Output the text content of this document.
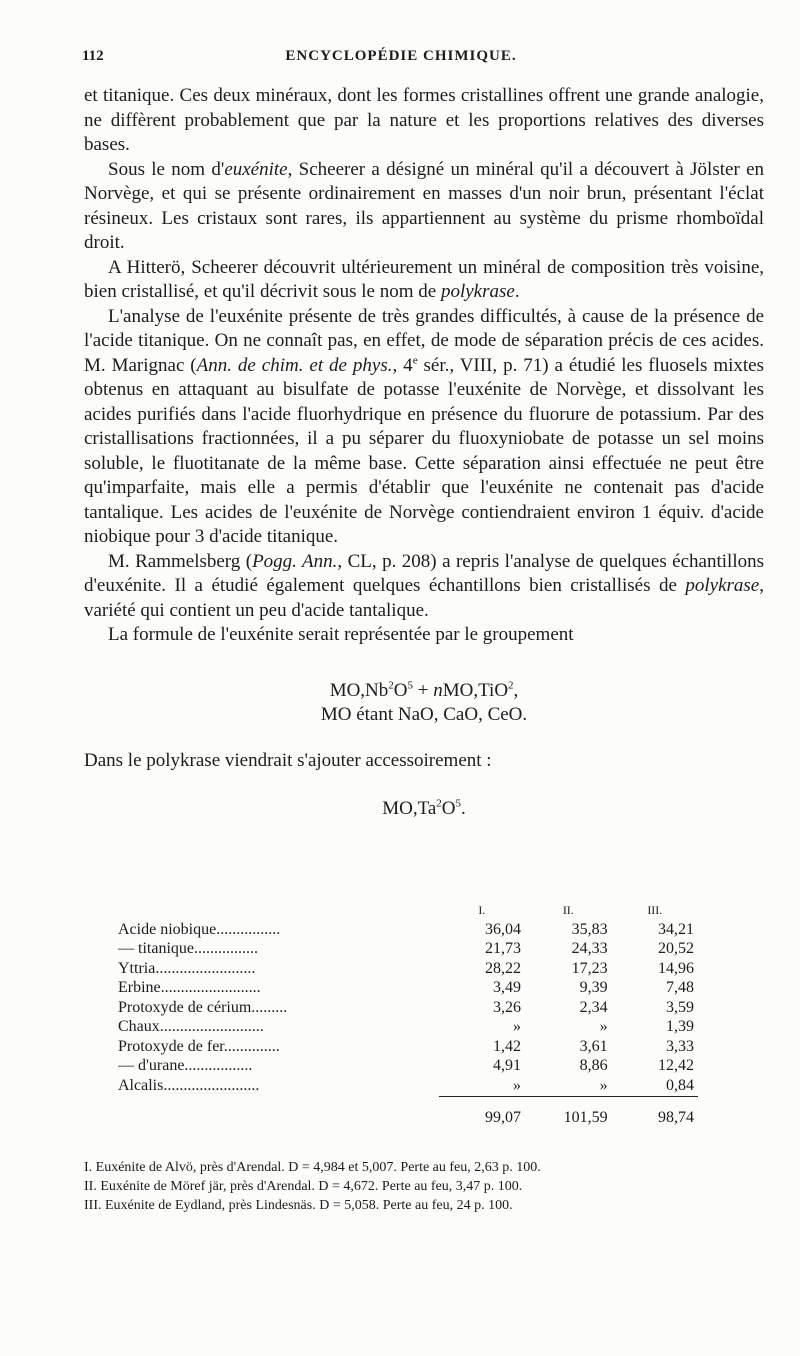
112	ENCYCLOPÉDIE CHIMIQUE.

et titanique. Ces deux minéraux, dont les formes cristallines offrent une grande analogie, ne diffèrent probablement que par la nature et les proportions relatives des diverses bases.

Sous le nom d'euxénite, Scheerer a désigné un minéral qu'il a découvert à Jölster en Norvège, et qui se présente ordinairement en masses d'un noir brun, présentant l'éclat résineux. Les cristaux sont rares, ils appartiennent au système du prisme rhomboïdal droit.

A Hitterö, Scheerer découvrit ultérieurement un minéral de composition très voisine, bien cristallisé, et qu'il décrivit sous le nom de polykrase.

L'analyse de l'euxénite présente de très grandes difficultés, à cause de la présence de l'acide titanique. On ne connaît pas, en effet, de mode de séparation précis de ces acides. M. Marignac (Ann. de chim. et de phys., 4e sér., VIII, p. 71) a étudié les fluosels mixtes obtenus en attaquant au bisulfate de potasse l'euxénite de Norvège, et dissolvant les acides purifiés dans l'acide fluorhydrique en présence du fluorure de potassium. Par des cristallisations fractionnées, il a pu séparer du fluoxyniobate de potasse un sel moins soluble, le fluotitanate de la même base. Cette séparation ainsi effectuée ne peut être qu'imparfaite, mais elle a permis d'établir que l'euxénite ne contenait pas d'acide tantalique. Les acides de l'euxénite de Norvège contiendraient environ 1 équiv. d'acide niobique pour 3 d'acide titanique.

M. Rammelsberg (Pogg. Ann., CL, p. 208) a repris l'analyse de quelques échantillons d'euxénite. Il a étudié également quelques échantillons bien cristallisés de polykrase, variété qui contient un peu d'acide tantalique.

La formule de l'euxénite serait représentée par le groupement

$MO,Nb^2O^5 + nMO,TiO^2$,
MO étant NaO, CaO, CeO.

Dans le polykrase viendrait s'ajouter accessoirement :

$MO,Ta^2O^5$.
	I.	II.	III.
Acide niobique................	36,04	35,83	34,21
— titanique................	21,73	24,33	20,52
Yttria.........................	28,22	17,23	14,96
Erbine.........................	3,49	9,39	7,48
Protoxyde de cérium.........	3,26	2,34	3,59
Chaux..........................	»	»	1,39
Protoxyde de fer..............	1,42	3,61	3,33
— d'urane.................	4,91	8,86	12,42
Alcalis........................	»	»	0,84
	99,07	101,59	98,74
I. Euxénite de Alvö, près d'Arendal. D = 4,984 et 5,007. Perte au feu, 2,63 p. 100.
II. Euxénite de Möref jär, près d'Arendal. D = 4,672. Perte au feu, 3,47 p. 100.
III. Euxénite de Eydland, près Lindesnäs. D = 5,058. Perte au feu, 24 p. 100.
